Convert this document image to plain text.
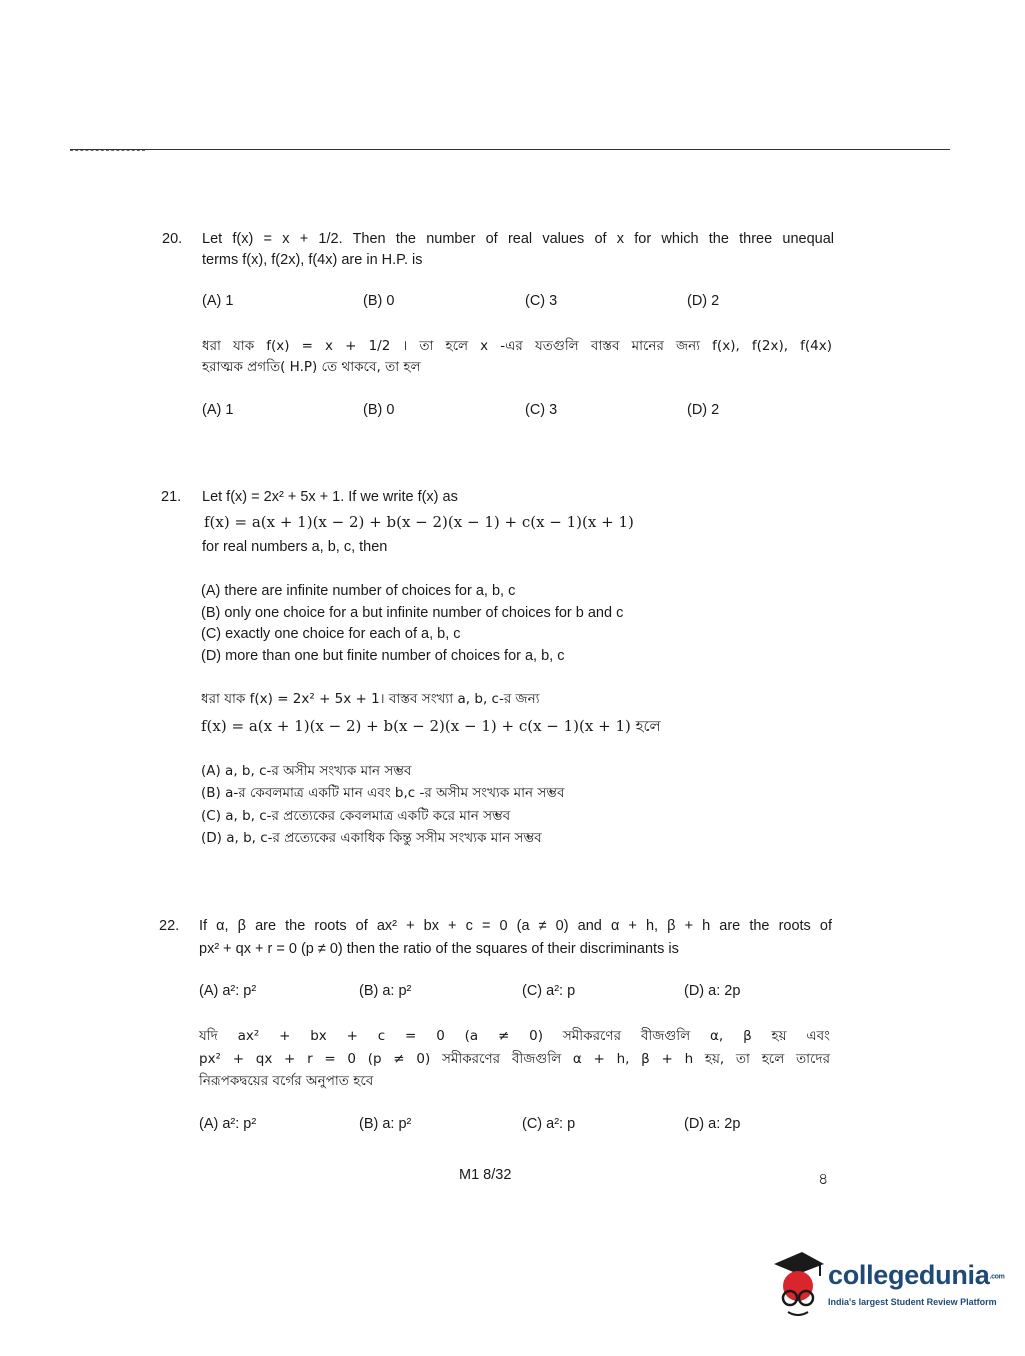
20. Let f(x) = x + 1/2. Then the number of real values of x for which the three unequal
terms f(x), f(2x), f(4x) are in H.P. is
(A) 1	(B) 0	(C) 3	(D) 2
ধরা যাক f(x) = x + 1/2 । তা হলে x -এর যতগুলি বাস্তব মানের জন্য f(x), f(2x), f(4x)
হরাত্মক প্রগতি( H.P) তে থাকবে, তা হল
(A) 1	(B) 0	(C) 3	(D) 2
21. Let f(x) = 2x² + 5x + 1. If we write f(x) as
f(x) = a(x + 1)(x − 2) + b(x − 2)(x − 1) + c(x − 1)(x + 1)
for real numbers a, b, c, then
(A) there are infinite number of choices for a, b, c
(B) only one choice for a but infinite number of choices for b and c
(C) exactly one choice for each of a, b, c
(D) more than one but finite number of choices for a, b, c
ধরা যাক f(x) = 2x² + 5x + 1। বাস্তব সংখ্যা a, b, c-র জন্য
f(x) = a(x + 1)(x − 2) + b(x − 2)(x − 1) + c(x − 1)(x + 1) হলে
(A) a, b, c-র অসীম সংখ্যক মান সম্ভব
(B) a-র কেবলমাত্র একটি মান এবং b,c -র অসীম সংখ্যক মান সম্ভব
(C) a, b, c-র প্রত্যেকের কেবলমাত্র একটি করে মান সম্ভব
(D) a, b, c-র প্রত্যেকের একাধিক কিন্তু সসীম সংখ্যক মান সম্ভব
22. If α, β are the roots of ax² + bx + c = 0 (a ≠ 0) and α + h, β + h are the roots of
px² + qx + r = 0 (p ≠ 0) then the ratio of the squares of their discriminants is
(A) a²: p²	(B) a: p²	(C) a²: p	(D) a: 2p
যদি ax² + bx + c = 0 (a ≠ 0) সমীকরণের বীজগুলি α, β হয় এবং
px² + qx + r = 0 (p ≠ 0) সমীকরণের বীজগুলি α + h, β + h হয়, তা হলে তাদের
নিরূপকদ্বয়ের বর্গের অনুপাত হবে
(A) a²: p²	(B) a: p²	(C) a²: p	(D) a: 2p
M1 8/32	৪
collegedunia.com
India's largest Student Review Platform
